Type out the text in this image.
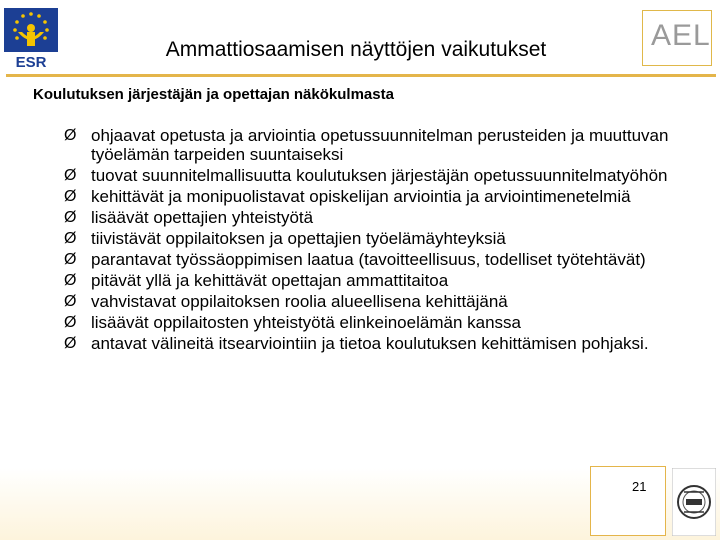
ESR
Ammattiosaamisen näyttöjen vaikutukset	AEL
Koulutuksen järjestäjän ja opettajan näkökulmasta
Ø ohjaavat opetusta ja arviointia opetussuunnitelman perusteiden ja muuttuvan työelämän tarpeiden suuntaiseksi
Ø tuovat suunnitelmallisuutta koulutuksen järjestäjän opetussuunnitelmatyöhön
Ø kehittävät ja monipuolistavat opiskelijan arviointia ja arviointimenetelmiä
Ø lisäävät opettajien yhteistyötä
Ø tiivistävät oppilaitoksen ja opettajien työelämäyhteyksiä
Ø parantavat työssäoppimisen laatua (tavoitteellisuus, todelliset työtehtävät)
Ø pitävät yllä ja kehittävät opettajan ammattitaitoa
Ø vahvistavat oppilaitoksen roolia alueellisena kehittäjänä
Ø lisäävät oppilaitosten yhteistyötä elinkeinoelämän kanssa
Ø antavat välineitä itsearviointiin ja tietoa koulutuksen kehittämisen pohjaksi.
21
